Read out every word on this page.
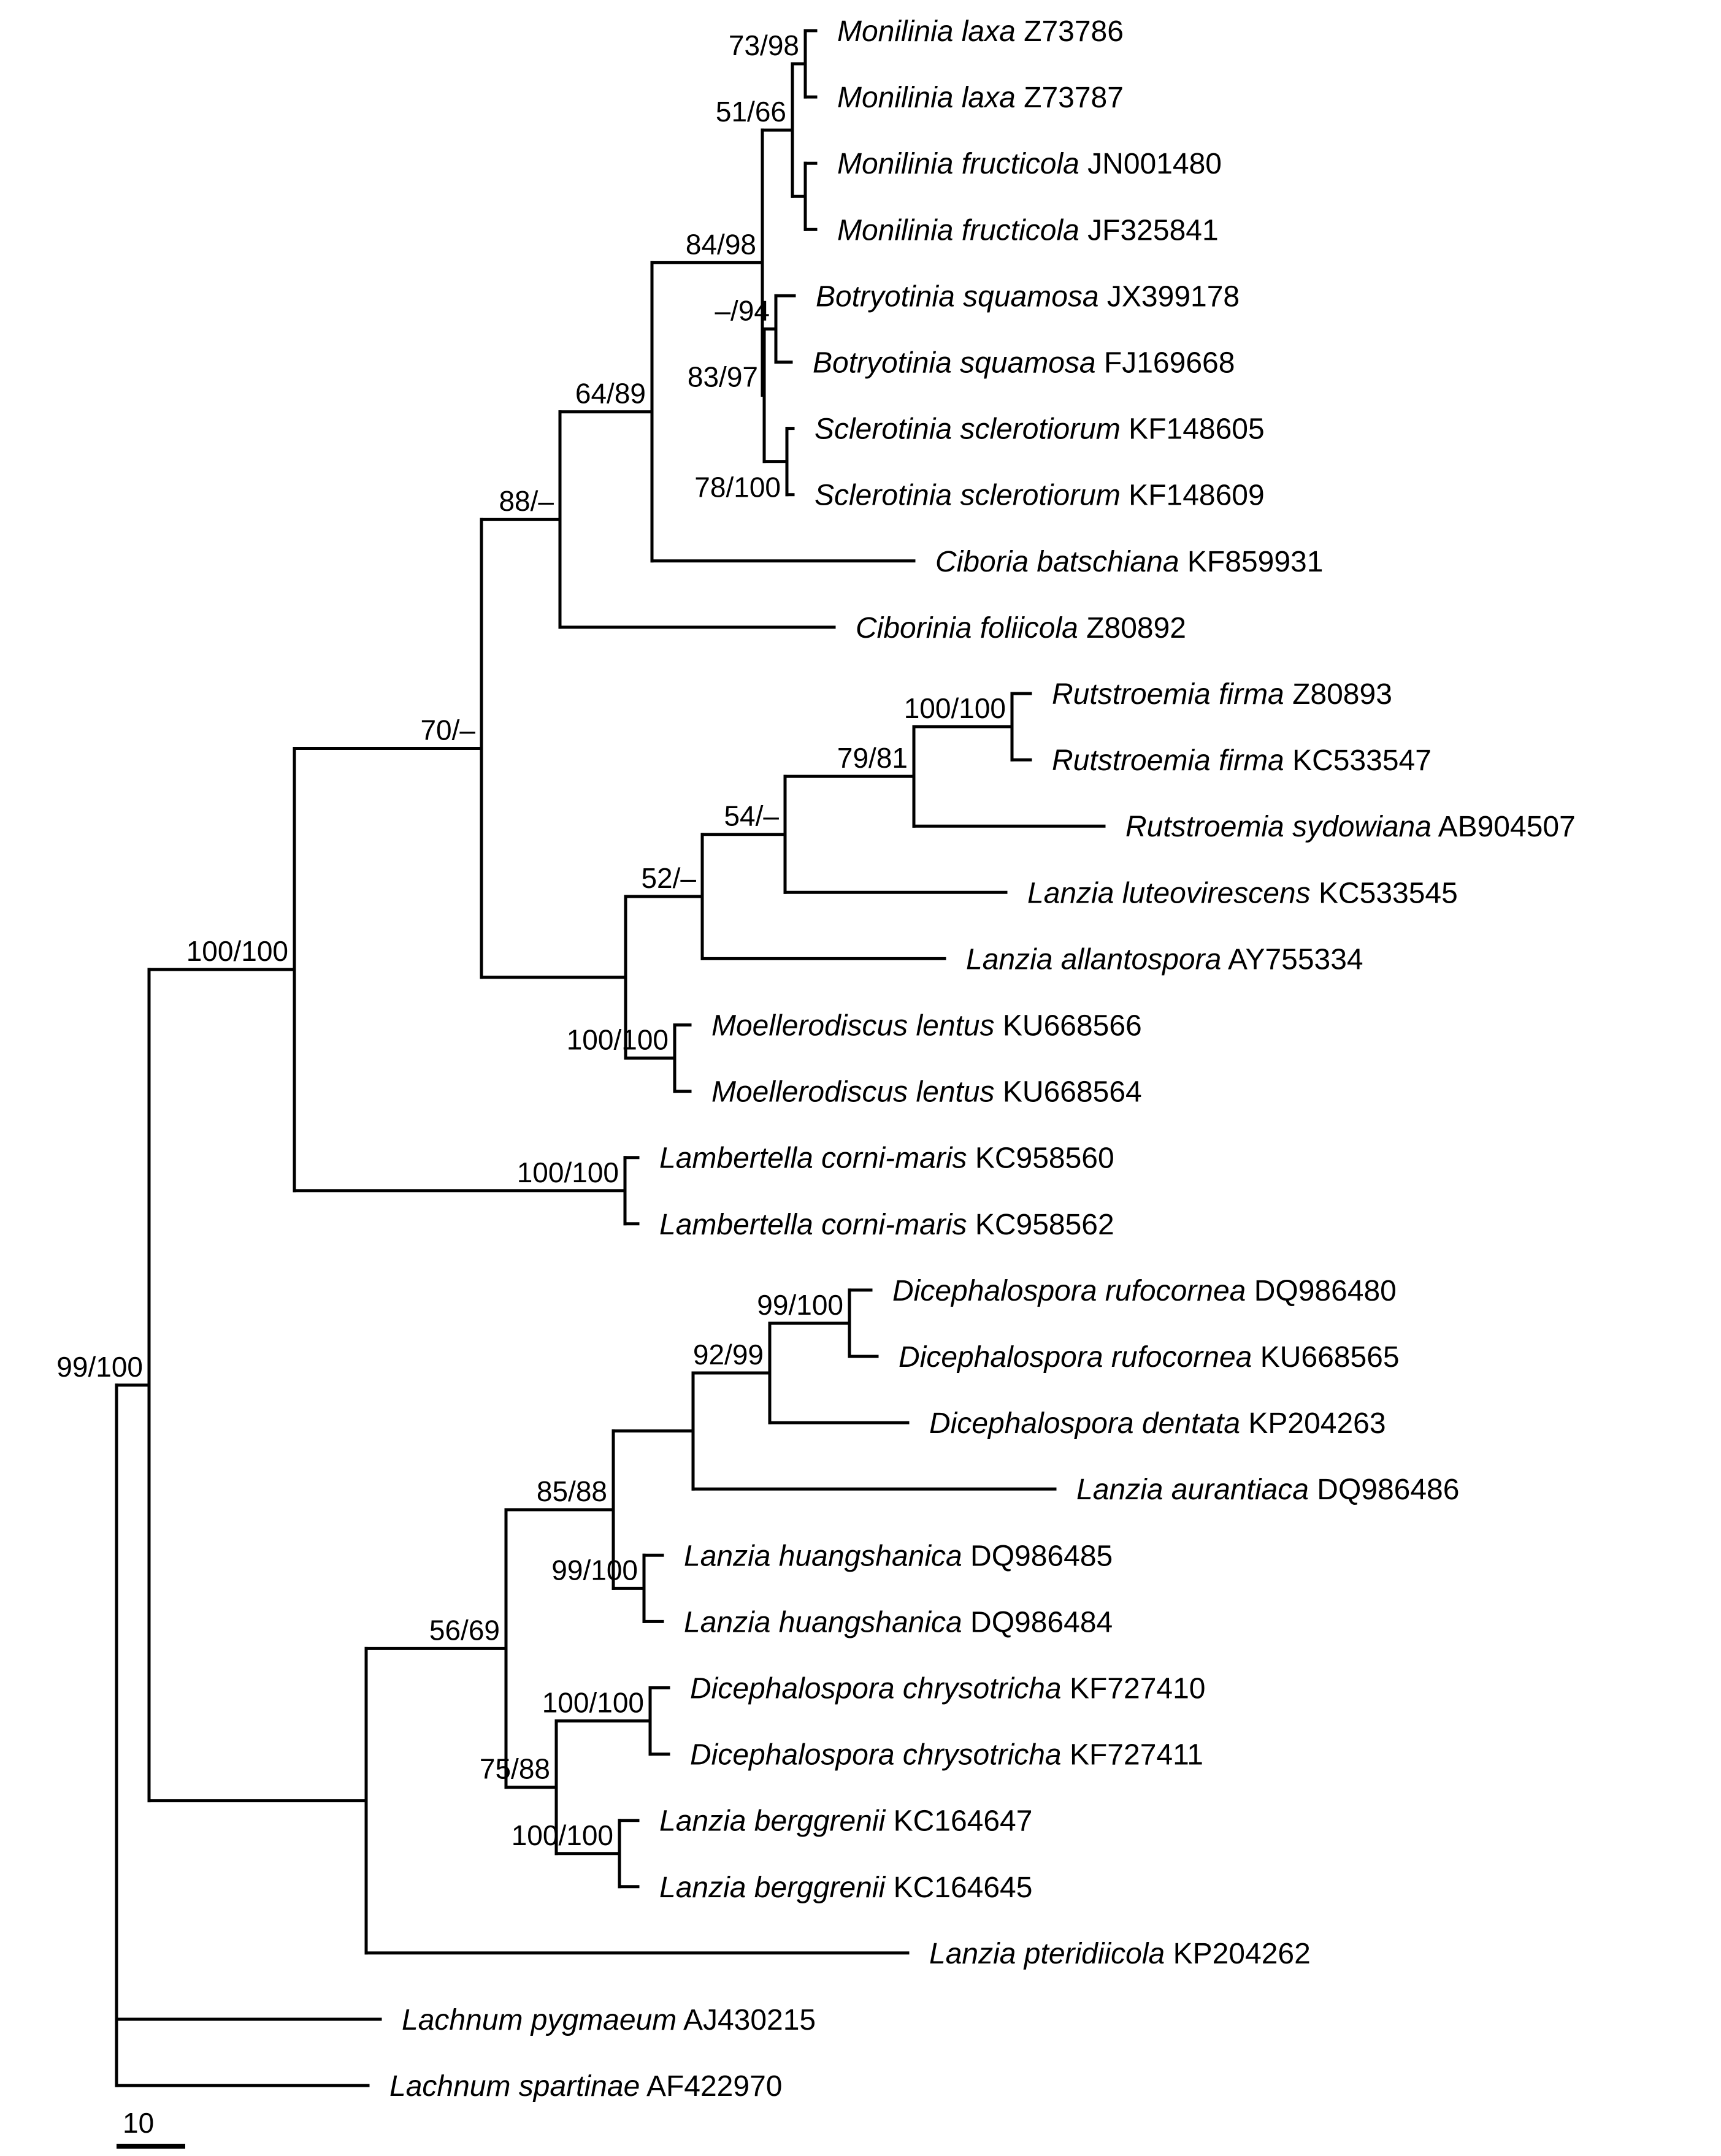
Monilinia laxa Z73786
Monilinia laxa Z73787
73/98
Monilinia fructicola JN001480
Monilinia fructicola JF325841
51/66
Botryotinia squamosa JX399178
Botryotinia squamosa FJ169668
–/94
Sclerotinia sclerotiorum KF148605
Sclerotinia sclerotiorum KF148609
78/100
83/97
84/98
Ciboria batschiana KF859931
64/89
Ciborinia foliicola Z80892
88/–
Rutstroemia firma Z80893
Rutstroemia firma KC533547
100/100
Rutstroemia sydowiana AB904507
79/81
Lanzia luteovirescens KC533545
54/–
Lanzia allantospora AY755334
52/–
Moellerodiscus lentus KU668566
Moellerodiscus lentus KU668564
100/100
70/–
Lambertella corni-maris KC958560
Lambertella corni-maris KC958562
100/100
100/100
Dicephalospora rufocornea DQ986480
Dicephalospora rufocornea KU668565
99/100
Dicephalospora dentata KP204263
92/99
Lanzia aurantiaca DQ986486
Lanzia huangshanica DQ986485
Lanzia huangshanica DQ986484
99/100
85/88
Dicephalospora chrysotricha KF727410
Dicephalospora chrysotricha KF727411
100/100
Lanzia berggrenii KC164647
Lanzia berggrenii KC164645
100/100
75/88
56/69
Lanzia pteridiicola KP204262
99/100
Lachnum pygmaeum AJ430215
Lachnum spartinae AF422970
10
